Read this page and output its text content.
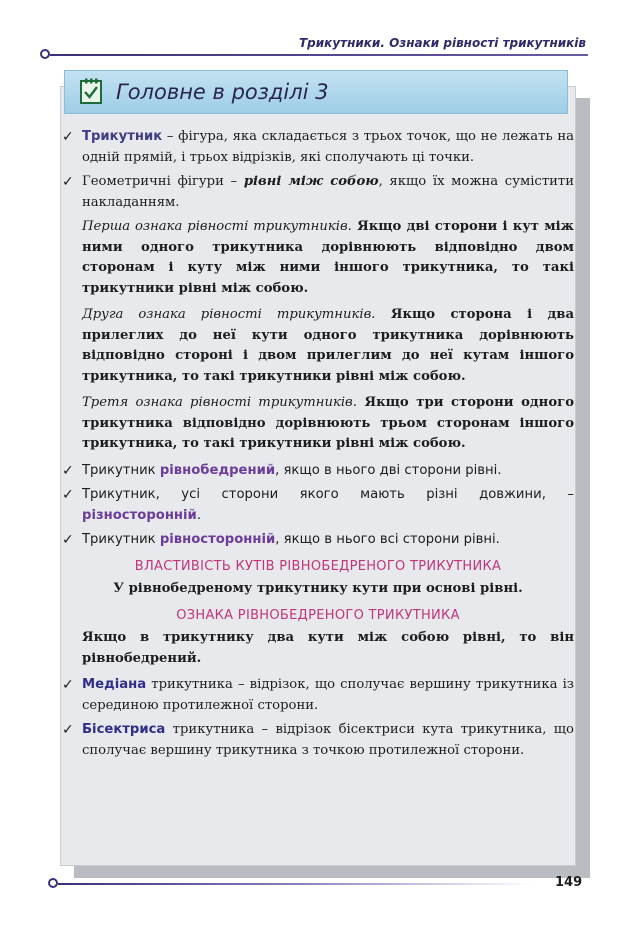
Трикутники. Ознаки рівності трикутників
Головне в розділі 3
✓ Трикутник – фігура, яка складається з трьох точок, що не лежать на одній прямій, і трьох відрізків, які сполучають ці точки.
✓ Геометричні фігури – рівні між собою, якщо їх можна сумістити накладанням.
Перша ознака рівності трикутників. Якщо дві сторони і кут між ними одного трикутника дорівнюють відповідно двом сторонам і куту між ними іншого трикутника, то такі трикутники рівні між собою.
Друга ознака рівності трикутників. Якщо сторона і два прилеглих до неї кути одного трикутника дорівнюють відповідно стороні і двом прилеглим до неї кутам іншого трикутника, то такі трикутники рівні між собою.
Третя ознака рівності трикутників. Якщо три сторони одного трикутника відповідно дорівнюють трьом сторонам іншого трикутника, то такі трикутники рівні між собою.
✓ Трикутник рівнобедрений, якщо в нього дві сторони рівні.
✓ Трикутник, усі сторони якого мають різні довжини, – різносторонній.
✓ Трикутник рівносторонній, якщо в нього всі сторони рівні.
ВЛАСТИВІСТЬ КУТІВ РІВНОБЕДРЕНОГО ТРИКУТНИКА
У рівнобедреному трикутнику кути при основі рівні.
ОЗНАКА РІВНОБЕДРЕНОГО ТРИКУТНИКА
Якщо в трикутнику два кути між собою рівні, то він рівнобедрений.
✓ Медіана трикутника – відрізок, що сполучає вершину трикутника із серединою протилежної сторони.
✓ Бісектриса трикутника – відрізок бісектриси кута трикутника, що сполучає вершину трикутника з точкою протилежної сторони.
149
